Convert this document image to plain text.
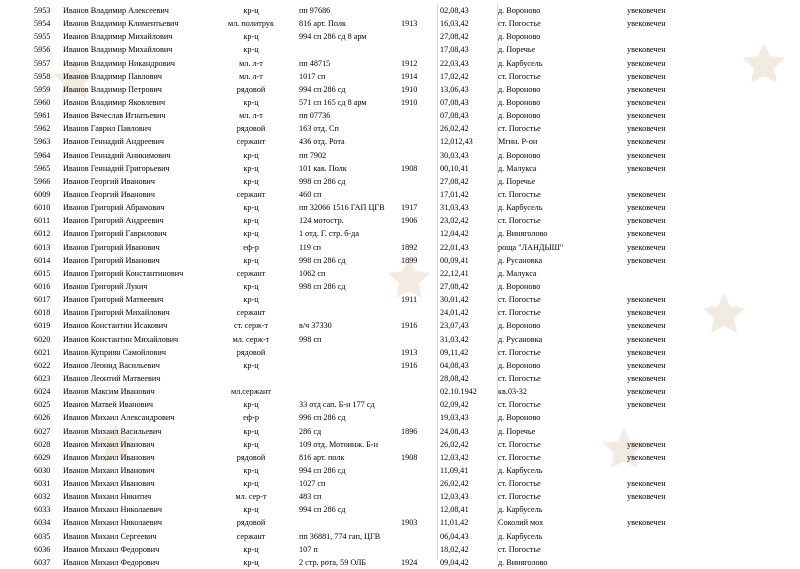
5953	Иванов Владимир Алексеевич	кр-ц	пп 97686	02,08,43	д. Вороново	увековечен
5954	Иванов Владимир Климентьевич	мл. политрук	816 арт. Полк	1913	16,03,42	ст. Погостье	увековечен
5955	Иванов Владимир Михайлович	кр-ц	994 сп 286 сд 8 арм	27,08,42	д. Вороново
5956	Иванов Владимир Михайлович	кр-ц	17,08,43	д. Поречье	увековечен
5957	Иванов Владимир Никандрович	мл. л-т	пп 48715	1912	22,03,43	д. Карбусель	увековечен
5958	Иванов Владимир Павлович	мл. л-т	1017 сп	1914	17,02,42	ст. Погостье	увековечен
5959	Иванов Владимир Петрович	рядовой	994 сп 286 сд	1910	13,06,43	д. Вороново	увековечен
5960	Иванов Владимир Яковлевич	кр-ц	571 сп 165 сд 8 арм	1910	07,08,43	д. Вороново	увековечен
5961	Иванов Вячеслав Игнатьевич	мл. л-т	пп 07736	07,08,43	д. Вороново	увековечен
5962	Иванов Гаврил Павлович	рядовой	163 отд. Сп	26,02,42	ст. Погостье	увековечен
5963	Иванов Геннадий Андреевич	сержант	436 отд. Рота	12,012,43	Мгин. Р-он	увековечен
5964	Иванов Геннадий Аникимович	кр-ц	пп 7902	30,03,43	д. Вороново	увековечен
5965	Иванов Геннадий Григорьевич	кр-ц	101 кав. Полк	1908	00,10,41	д. Малукса	увековечен
5966	Иванов Георгий Иванович	кр-ц	998 сп 286 сд	27,08,42	д. Поречье
6009	Иванов Георгий Иванович	сержант	460 сп	17,01,42	ст. Погостье	увековечен
6010	Иванов Григорий Абрамович	кр-ц	пп 32066 1516 ГАП ЦГВ	1917	31,03,43	д. Карбусель	увековечен
6011	Иванов Григорий Андреевич	кр-ц	124 мотостр.	1906	23,02,42	ст. Погостье	увековечен
6012	Иванов Григорий Гаврилович	кр-ц	1 отд. Г. стр. б-да	12,04,42	д. Виняголово	увековечен
6013	Иванов Григорий Иванович	еф-р	119 сп	1892	22,01,43	роща "ЛАНДЫШ"	увековечен
6014	Иванов Григорий Иванович	кр-ц	998 сп 286 сд	1899	00,09,41	д. Русановка	увековечен
6015	Иванов Григорий Константинович	сержант	1062 сп	22,12,41	д. Малукса
6016	Иванов Григорий Лукич	кр-ц	998 сп 286 сд	27,08,42	д. Вороново
6017	Иванов Григорий Матвеевич	кр-ц	1911	30,01,42	ст. Погостье	увековечен
6018	Иванов Григорий Михайлович	сержант	24,01,42	ст. Погостье	увековечен
6019	Иванов Константин Исакович	ст. серж-т	в/ч 37330	1916	23,07,43	д. Вороново	увековечен
6020	Иванов Константин Михайлович	мл. серж-т	998 сп	31,03,42	д. Русановка	увековечен
6021	Иванов Куприян Самойлович	рядовой	1913	09,11,42	ст. Погостье	увековечен
6022	Иванов Леонид Васильевич	кр-ц	1916	04,08,43	д. Вороново	увековечен
6023	Иванов Леонтий Матвеевич	28,08,42	ст. Погостье	увековечен
6024	Иванов Максим Иванович	мл.сержант	02.10.1942	кв.03-32	увековечен
6025	Иванов Матвей Иванович	кр-ц	33 отд сап. Б-н 177 сд	02,09,42	ст. Погостье	увековечен
6026	Иванов Михаил Александрович	еф-р	996 сп 286 сд	19,03,43	д. Вороново
6027	Иванов Михаил Васильевич	кр-ц	286 сд	1896	24,08,43	д. Поречье
6028	Иванов Михаил Иванович	кр-ц	109 отд. Мотоинж. Б-н	26,02,42	ст. Погостье	увековечен
6029	Иванов Михаил Иванович	рядовой	816 арт. полк	1908	12,03,42	ст. Погостье	увековечен
6030	Иванов Михаил Иванович	кр-ц	994 сп 286 сд	11,09,41	д. Карбусель
6031	Иванов Михаил Иванович	кр-ц	1027 сп	26,02,42	ст. Погостье	увековечен
6032	Иванов Михаил Никитич	мл. сер-т	483 сп	12,03,43	ст. Погостье	увековечен
6033	Иванов Михаил Николаевич	кр-ц	994 сп 286 сд	12,08,41	д. Карбусель
6034	Иванов Михаил Николаевич	рядовой	1903	11,01,42	Соколий мох	увековечен
6035	Иванов Михаил Сергеевич	сержант	пп 36881, 774 гап, ЦГВ	06,04,43	д. Карбусель
6036	Иванов Михаил Федорович	кр-ц	107 п	18,02,42	ст. Погостье
6037	Иванов Михаил Федорович	кр-ц	2 стр. рота, 59 ОЛБ	1924	09,04,42	д. Виняголово
